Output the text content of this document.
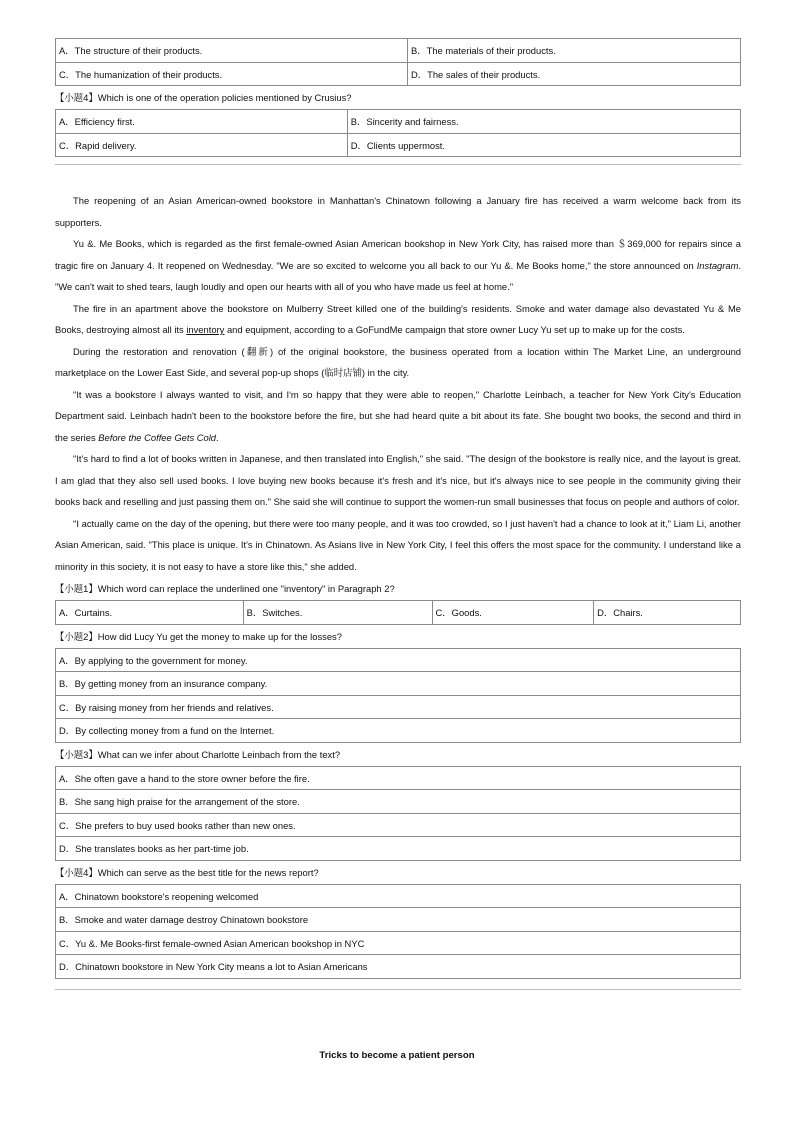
A．The structure of their products.	B．The materials of their products.
C．The humanization of their products.	D．The sales of their products.
【小题4】Which is one of the operation policies mentioned by Crusius?
A．Efficiency first.	B．Sincerity and fairness.
C．Rapid delivery.	D．Clients uppermost.

The reopening of an Asian American-owned bookstore in Manhattan's Chinatown following a January fire has received a warm welcome back from its supporters.

Yu &. Me Books, which is regarded as the first female-owned Asian American bookshop in New York City, has raised more than ＄369,000 for repairs since a tragic fire on January 4. It reopened on Wednesday. "We are so excited to welcome you all back to our Yu &. Me Books home," the store announced on Instagram. "We can't wait to shed tears, laugh loudly and open our hearts with all of you who have made us feel at home."

The fire in an apartment above the bookstore on Mulberry Street killed one of the building's residents. Smoke and water damage also devastated Yu & Me Books, destroying almost all its inventory and equipment, according to a GoFundMe campaign that store owner Lucy Yu set up to make up for the costs.

During the restoration and renovation (翻新) of the original bookstore, the business operated from a location within The Market Line, an underground marketplace on the Lower East Side, and several pop-up shops (临时店铺) in the city.

"It was a bookstore I always wanted to visit, and I'm so happy that they were able to reopen," Charlotte Leinbach, a teacher for New York City's Education Department said. Leinbach hadn't been to the bookstore before the fire, but she had heard quite a bit about its fate. She bought two books, the second and third in the series Before the Coffee Gets Cold.

"It's hard to find a lot of books written in Japanese, and then translated into English," she said. "The design of the bookstore is really nice, and the layout is great. I am glad that they also sell used books. I love buying new books because it's fresh and it's nice, but it's always nice to see people in the community giving their books back and reselling and just passing them on." She said she will continue to support the women-run small businesses that focus on people and authors of color.

"I actually came on the day of the opening, but there were too many people, and it was too crowded, so I just haven't had a chance to look at it," Liam Li, another Asian American, said. "This place is unique. It's in Chinatown. As Asians live in New York City, I feel this offers the most space for the community. I understand like a minority in this society, it is not easy to have a store like this," she added.

【小题1】Which word can replace the underlined one "inventory" in Paragraph 2?
A．Curtains.	B．Switches.	C．Goods.	D．Chairs.
【小题2】How did Lucy Yu get the money to make up for the losses?
A．By applying to the government for money.
B．By getting money from an insurance company.
C．By raising money from her friends and relatives.
D．By collecting money from a fund on the Internet.
【小题3】What can we infer about Charlotte Leinbach from the text?
A．She often gave a hand to the store owner before the fire.
B．She sang high praise for the arrangement of the store.
C．She prefers to buy used books rather than new ones.
D．She translates books as her part-time job.
【小题4】Which can serve as the best title for the news report?
A．Chinatown bookstore's reopening welcomed
B．Smoke and water damage destroy Chinatown bookstore
C．Yu &. Me Books-first female-owned Asian American bookshop in NYC
D．Chinatown bookstore in New York City means a lot to Asian Americans
Tricks to become a patient person
